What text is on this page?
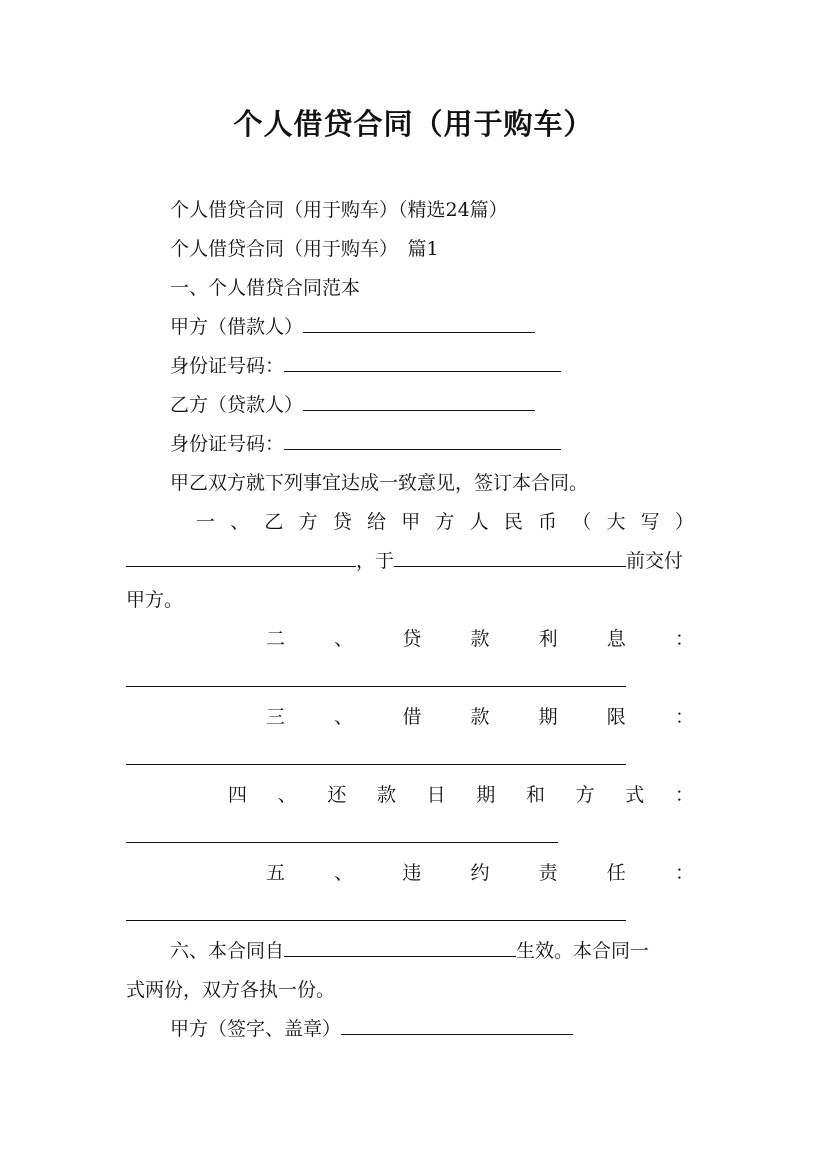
个人借贷合同（用于购车）
个人借贷合同（用于购车）（精选24篇）
个人借贷合同（用于购车）　篇1
一、个人借贷合同范本
甲方（借款人）
身份证号码：
乙方（贷款人）
身份证号码：
甲乙双方就下列事宜达成一致意见，签订本合同。
一 、 乙 方 贷 给 甲 方 人 民 币 （ 大 写 ）
，于	前交付
甲方。
二	、	贷	款	利	息	：
三	、	借	款	期	限	：
四 、 还 款 日 期 和 方 式 ：
五	、	违	约	责	任	：
六、本合同自	生效。本合同一
式两份，双方各执一份。
甲方（签字、盖章）
